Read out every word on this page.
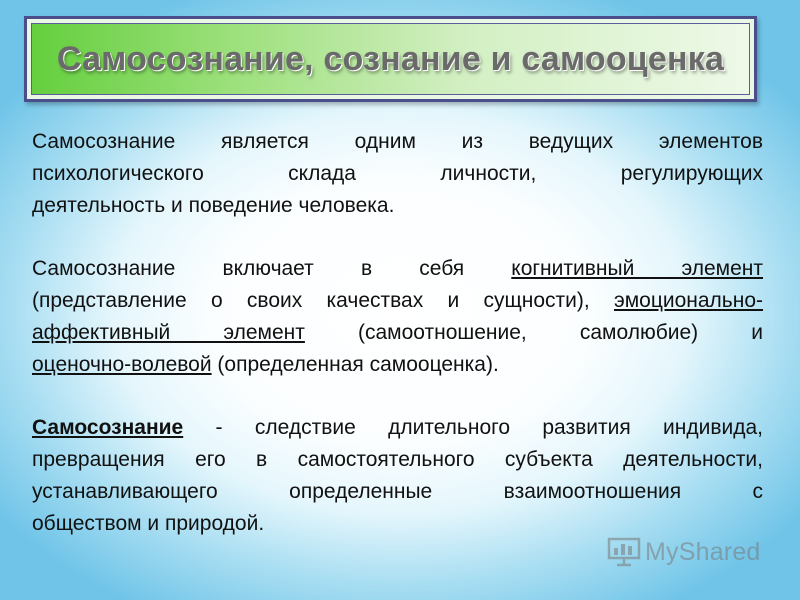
Самосознание, сознание и самооценка
Самосознание является одним из ведущих элементов
психологического склада личности, регулирующих
деятельность и поведение человека.
Самосознание включает в себя когнитивный элемент
(представление о своих качествах и сущности), эмоционально-
аффективный элемент (самоотношение, самолюбие) и
оценочно-волевой (определенная самооценка).
Самосознание - следствие длительного развития индивида,
превращения его в самостоятельного субъекта деятельности,
устанавливающего определенные взаимоотношения с
обществом и природой.
MyShared
